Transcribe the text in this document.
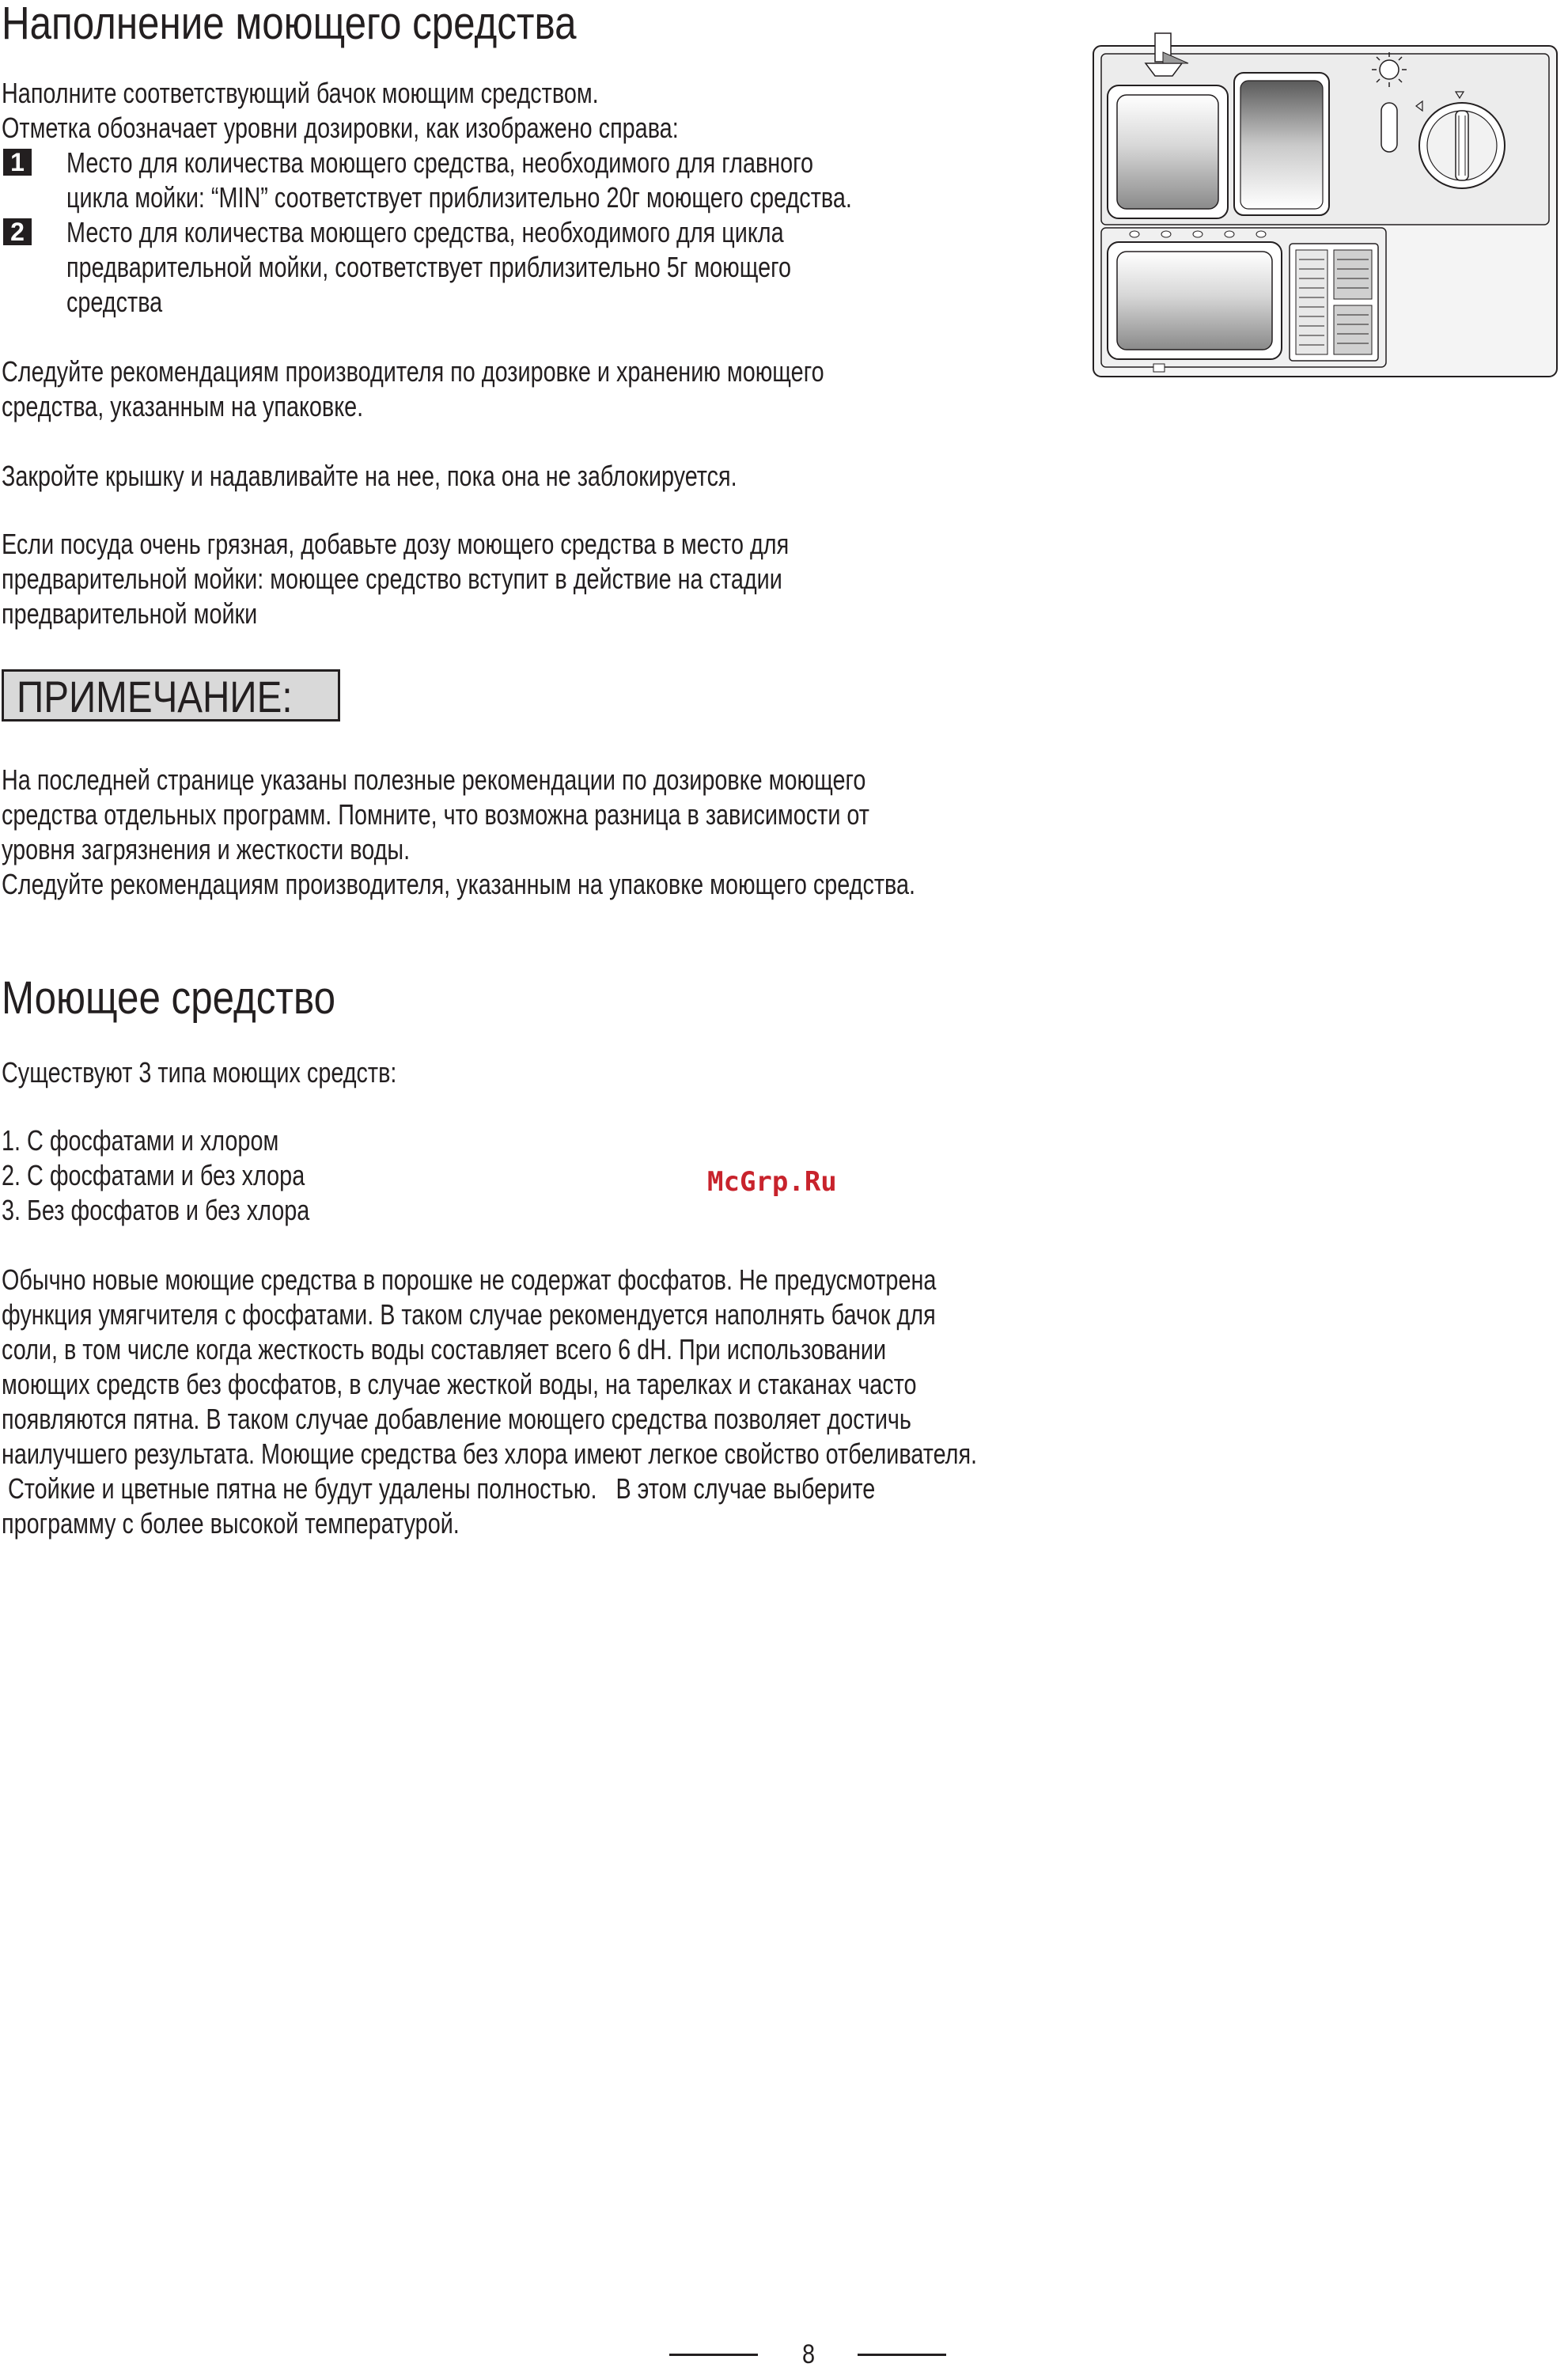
Наполнение моющего средства

Наполните соответствующий бачок моющим средством.

Отметка обозначает уровни дозировки, как изображено справа:

1 Место для количества моющего средства, необходимого для главного

цикла мойки: “MIN” соответствует приблизительно 20г моющего средства.

2 Место для количества моющего средства, необходимого для цикла

предварительной мойки, соответствует приблизительно 5г моющего

средства

Следуйте рекомендациям производителя по дозировке и хранению моющего

средства, указанным на упаковке.

Закройте крышку и надавливайте на нее, пока она не заблокируется.

Если посуда очень грязная, добавьте дозу моющего средства в место для

предварительной мойки: моющее средство вступит в действие на стадии

предварительной мойки

ПРИМЕЧАНИЕ:

На последней странице указаны полезные рекомендации по дозировке моющего

средства отдельных программ. Помните, что возможна разница в зависимости от

уровня загрязнения и жесткости воды.

Следуйте рекомендациям производителя, указанным на упаковке моющего средства.

Моющее средство

Существуют 3 типа моющих средств:

1. С фосфатами и хлором

2. С фосфатами и без хлора

3. Без фосфатов и без хлора

McGrp.Ru

Обычно новые моющие средства в порошке не содержат фосфатов. Не предусмотрена

функция умягчителя с фосфатами. В таком случае рекомендуется наполнять бачок для

соли, в том числе когда жесткость воды составляет всего 6 dH. При использовании

моющих средств без фосфатов, в случае жесткой воды, на тарелках и стаканах часто

появляются пятна. В таком случае добавление моющего средства позволяет достичь

наилучшего результата. Моющие средства без хлора имеют легкое свойство отбеливателя.

Стойкие и цветные пятна не будут удалены полностью.   В этом случае выберите

программу с более высокой температурой.

8
